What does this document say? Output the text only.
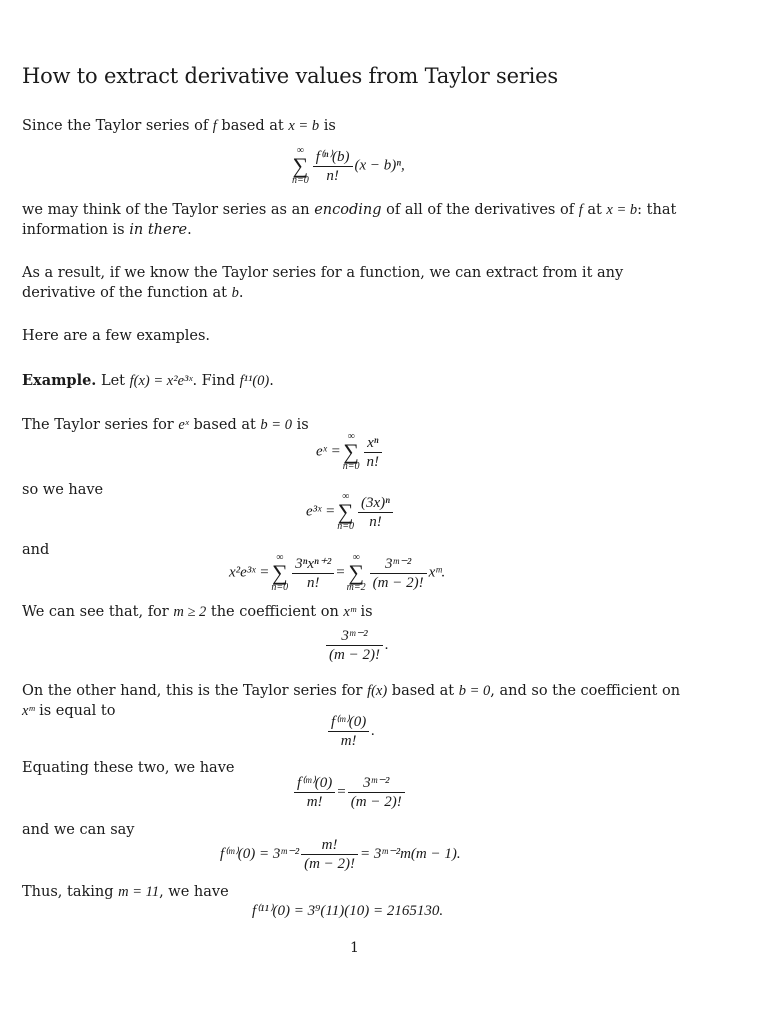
How to extract derivative values from Taylor series
Since the Taylor series of f based at x = b is
∞
∑
$n=0 \frac{\text{f⁽ⁿ⁾(b)}}{n!} (x - b)^n$,
we may think of the Taylor series as an encoding of all of the derivatives of f at x = b: that information is in there.
As a result, if we know the Taylor series for a function, we can extract from it any derivative of the function at b.
Here are a few examples.
Example. Let f(x) = x²e³ˣ. Find f¹¹(0).
The Taylor series for eˣ based at b = 0 is
eˣ =
∞
∑
$n=0 \frac{\text{xⁿ}}{n!}$
so we have
e³ˣ =
∞
∑
$n=0 \frac{\text{(3x)ⁿ}}{n!}$
and
x²e³ˣ =
∞
∑
$n=0 \frac{\text{3ⁿxⁿ⁺²}}{n!}$ =
∞
∑
$m=2 \frac{\text{3ᵐ⁻²}}{(m - 2)!}$ xᵐ.
We can see that, for m ≥ 2 the coefficient on xᵐ is
$\frac{\text{3ᵐ⁻²}}{(m - 2)!}$ .
On the other hand, this is the Taylor series for f(x) based at b = 0, and so the coefficient on xᵐ is equal to
$\frac{\text{f⁽ᵐ⁾(0)}}{m!}$ .
Equating these two, we have
$\frac{\text{f⁽ᵐ⁾(0)}}{m!} = \frac{\text{3ᵐ⁻²}}{(m - 2)!}$
and we can say
f⁽ᵐ⁾(0) = 3ᵐ⁻² $\frac{m!}{(m - 2)!}$ = 3ᵐ⁻²m(m − 1).
Thus, taking m = 11, we have
f⁽¹¹⁾(0) = 3⁹(11)(10) = 2165130.
1
